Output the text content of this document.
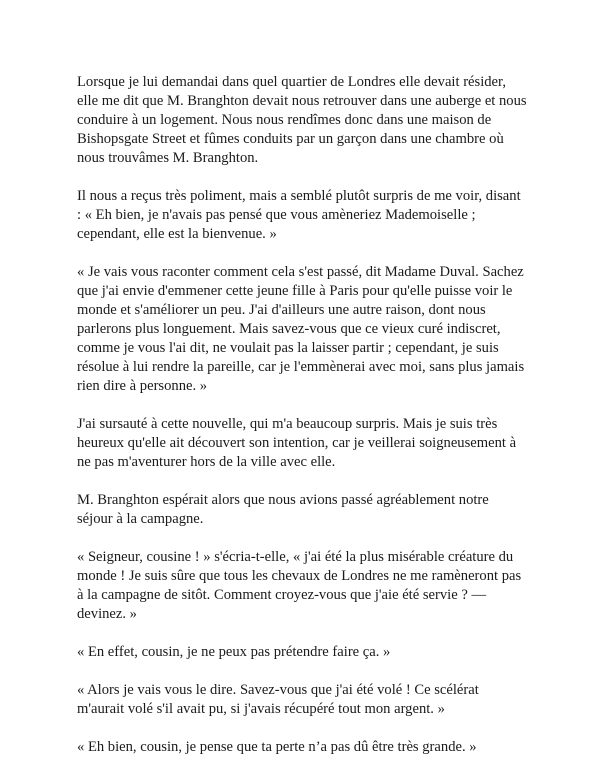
Lorsque je lui demandai dans quel quartier de Londres elle devait résider, elle me dit que M. Branghton devait nous retrouver dans une auberge et nous conduire à un logement. Nous nous rendîmes donc dans une maison de Bishopsgate Street et fûmes conduits par un garçon dans une chambre où nous trouvâmes M. Branghton.

Il nous a reçus très poliment, mais a semblé plutôt surpris de me voir, disant : « Eh bien, je n'avais pas pensé que vous amèneriez Mademoiselle ; cependant, elle est la bienvenue. »

« Je vais vous raconter comment cela s'est passé, dit Madame Duval. Sachez que j'ai envie d'emmener cette jeune fille à Paris pour qu'elle puisse voir le monde et s'améliorer un peu. J'ai d'ailleurs une autre raison, dont nous parlerons plus longuement. Mais savez-vous que ce vieux curé indiscret, comme je vous l'ai dit, ne voulait pas la laisser partir ; cependant, je suis résolue à lui rendre la pareille, car je l'emmènerai avec moi, sans plus jamais rien dire à personne. »

J'ai sursauté à cette nouvelle, qui m'a beaucoup surpris. Mais je suis très heureux qu'elle ait découvert son intention, car je veillerai soigneusement à ne pas m'aventurer hors de la ville avec elle.

M. Branghton espérait alors que nous avions passé agréablement notre séjour à la campagne.

« Seigneur, cousine ! » s'écria-t-elle, « j'ai été la plus misérable créature du monde ! Je suis sûre que tous les chevaux de Londres ne me ramèneront pas à la campagne de sitôt. Comment croyez-vous que j'aie été servie ? — devinez. »

« En effet, cousin, je ne peux pas prétendre faire ça. »

« Alors je vais vous le dire. Savez-vous que j'ai été volé ! Ce scélérat m'aurait volé s'il avait pu, si j'avais récupéré tout mon argent. »

« Eh bien, cousin, je pense que ta perte n’a pas dû être très grande. »
